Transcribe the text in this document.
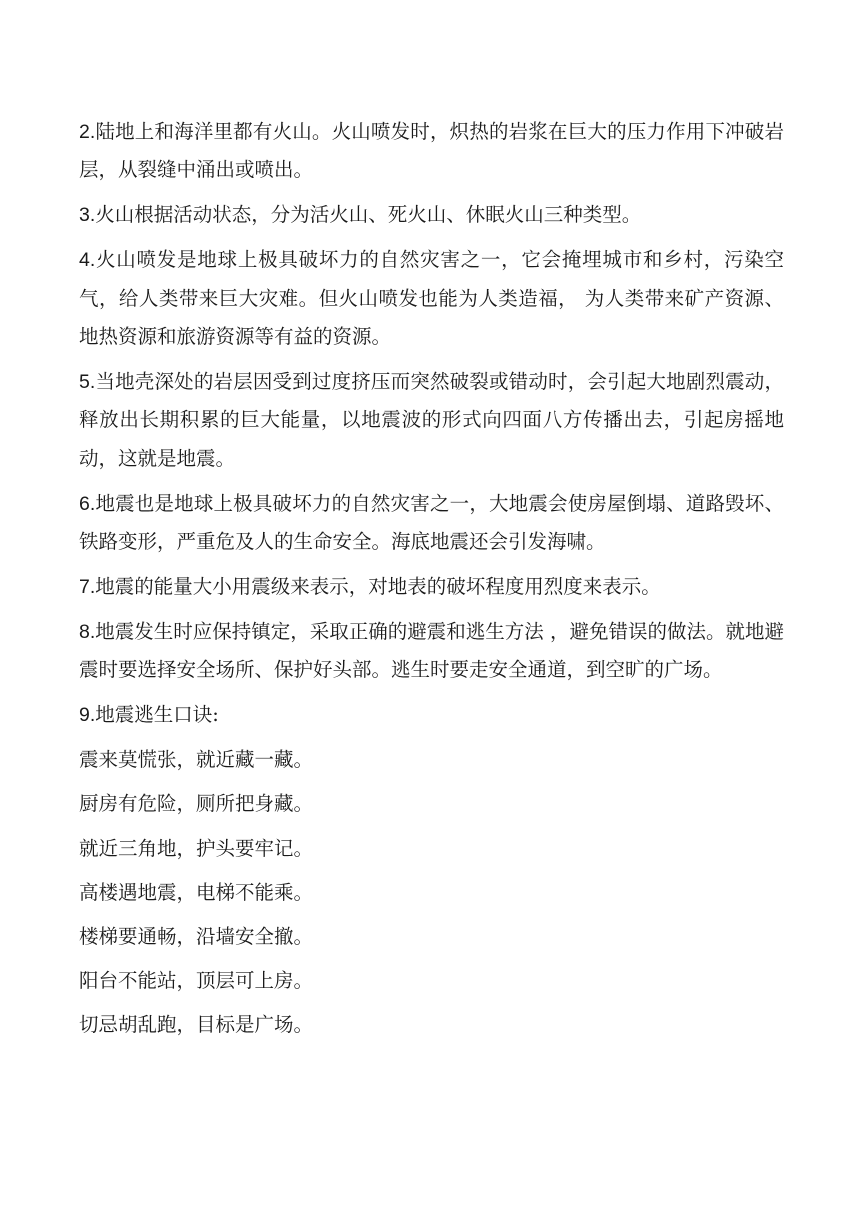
2.陆地上和海洋里都有火山。火山喷发时，炽热的岩浆在巨大的压力作用下冲破岩层，从裂缝中涌出或喷出。

3.火山根据活动状态，分为活火山、死火山、休眠火山三种类型。

4.火山喷发是地球上极具破坏力的自然灾害之一，它会掩埋城市和乡村，污染空气，给人类带来巨大灾难。但火山喷发也能为人类造福， 为人类带来矿产资源、地热资源和旅游资源等有益的资源。

5.当地壳深处的岩层因受到过度挤压而突然破裂或错动时，会引起大地剧烈震动，释放出长期积累的巨大能量，以地震波的形式向四面八方传播出去，引起房摇地动，这就是地震。

6.地震也是地球上极具破坏力的自然灾害之一，大地震会使房屋倒塌、道路毁坏、铁路变形，严重危及人的生命安全。海底地震还会引发海啸。

7.地震的能量大小用震级来表示，对地表的破坏程度用烈度来表示。

8.地震发生时应保持镇定，采取正确的避震和逃生方法 ，避免错误的做法。就地避震时要选择安全场所、保护好头部。逃生时要走安全通道，到空旷的广场。

9.地震逃生口诀:

震来莫慌张，就近藏一藏。

厨房有危险，厕所把身藏。

就近三角地，护头要牢记。

高楼遇地震，电梯不能乘。

楼梯要通畅，沿墙安全撤。

阳台不能站，顶层可上房。

切忌胡乱跑，目标是广场。
